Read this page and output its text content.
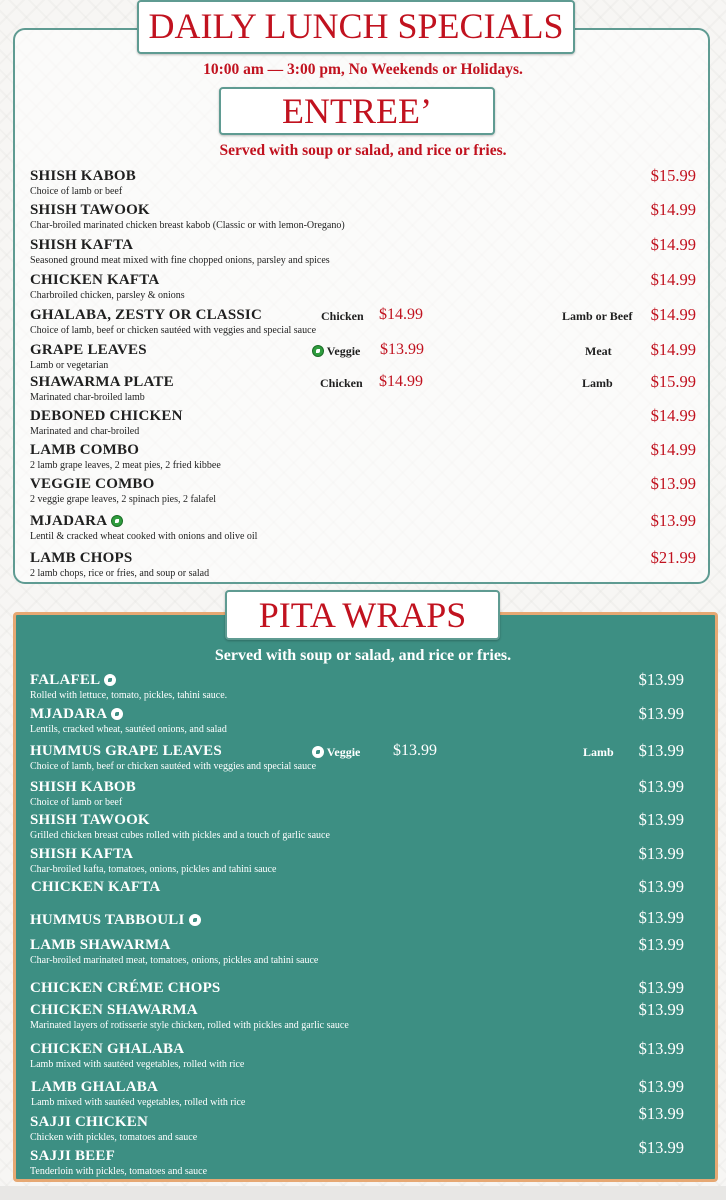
DAILY LUNCH SPECIALS
10:00 am — 3:00 pm, No Weekends or Holidays.
ENTREE’
Served with soup or salad, and rice or fries.
SHISH KABOB
Choice of lamb or beef
$15.99
SHISH TAWOOK
Char-broiled marinated chicken breast kabob (Classic or with lemon-Oregano)
$14.99
SHISH KAFTA
Seasoned ground meat mixed with fine chopped onions, parsley and spices
$14.99
CHICKEN KAFTA
Charbroiled chicken, parsley & onions
$14.99
GHALABA, ZESTY OR CLASSIC
Choice of lamb, beef or chicken sautéed with veggies and special sauce
Chicken $14.99	Lamb or Beef $14.99
GRAPE LEAVES
Lamb or vegetarian
Veggie $13.99	Meat $14.99
SHAWARMA PLATE
Marinated char-broiled lamb
Chicken $14.99	Lamb $15.99
DEBONED CHICKEN
Marinated and char-broiled
$14.99
LAMB COMBO
2 lamb grape leaves, 2 meat pies, 2 fried kibbee
$14.99
VEGGIE COMBO
2 veggie grape leaves, 2 spinach pies, 2 falafel
$13.99
MJADARA
Lentil & cracked wheat cooked with onions and olive oil
$13.99
LAMB CHOPS
2 lamb chops, rice or fries, and soup or salad
$21.99
PITA WRAPS
Served with soup or salad, and rice or fries.
FALAFEL
Rolled with lettuce, tomato, pickles, tahini sauce.
$13.99
MJADARA
Lentils, cracked wheat, sautéed onions, and salad
$13.99
HUMMUS GRAPE LEAVES
Choice of lamb, beef or chicken sautéed with veggies and special sauce
Veggie $13.99	Lamb $13.99
SHISH KABOB
Choice of lamb or beef
$13.99
SHISH TAWOOK
Grilled chicken breast cubes rolled with pickles and a touch of garlic sauce
$13.99
SHISH KAFTA
Char-broiled kafta, tomatoes, onions, pickles and tahini sauce
$13.99
CHICKEN KAFTA	$13.99
HUMMUS TABBOULI	$13.99
LAMB SHAWARMA
Char-broiled marinated meat, tomatoes, onions, pickles and tahini sauce
$13.99
CHICKEN CRÉME CHOPS	$13.99
CHICKEN SHAWARMA
Marinated layers of rotisserie style chicken, rolled with pickles and garlic sauce
$13.99
CHICKEN GHALABA
Lamb mixed with sautéed vegetables, rolled with rice
$13.99
LAMB GHALABA
Lamb mixed with sautéed vegetables, rolled with rice
$13.99
SAJJI CHICKEN
Chicken with pickles, tomatoes and sauce
$13.99
SAJJI BEEF
Tenderloin with pickles, tomatoes and sauce
$13.99
